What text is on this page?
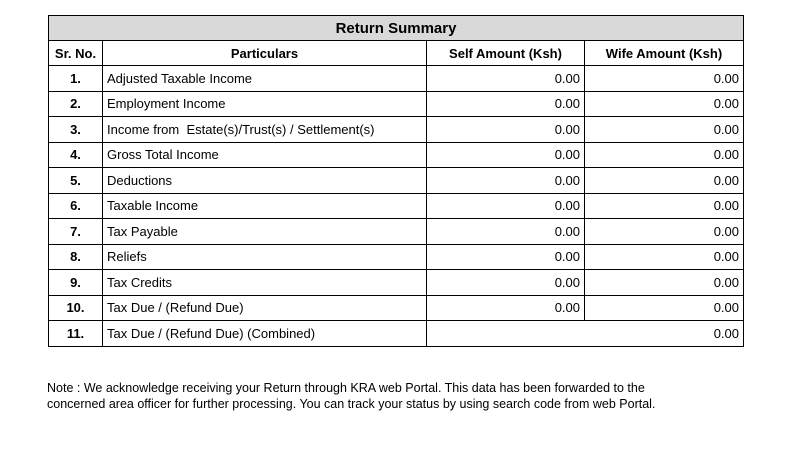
Return Summary			
Sr. No.	Particulars	Self Amount (Ksh)	Wife Amount (Ksh)
1.	Adjusted Taxable Income	0.00	0.00
2.	Employment Income	0.00	0.00
3.	Income from  Estate(s)/Trust(s) / Settlement(s)	0.00	0.00
4.	Gross Total Income	0.00	0.00
5.	Deductions	0.00	0.00
6.	Taxable Income	0.00	0.00
7.	Tax Payable	0.00	0.00
8.	Reliefs	0.00	0.00
9.	Tax Credits	0.00	0.00
10.	Tax Due / (Refund Due)	0.00	0.00
11.	Tax Due / (Refund Due) (Combined)	0.00	
Note : We acknowledge receiving your Return through KRA web Portal. This data has been forwarded to the
concerned area officer for further processing. You can track your status by using search code from web Portal.
